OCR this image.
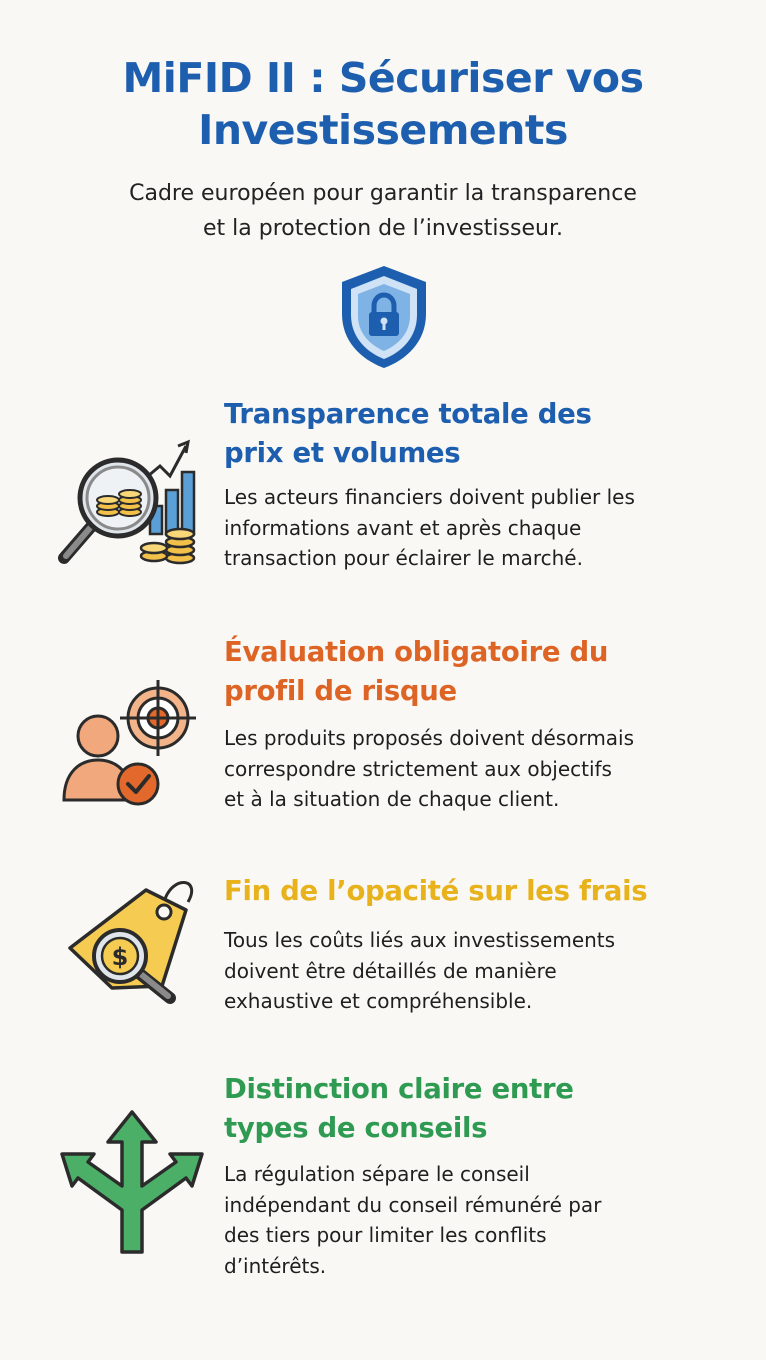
MiFID II : Sécuriser vos
Investissements
Cadre européen pour garantir la transparence
et la protection de l’investisseur.
Transparence totale des
prix et volumes
Les acteurs financiers doivent publier les
informations avant et après chaque
transaction pour éclairer le marché.
Évaluation obligatoire du
profil de risque
Les produits proposés doivent désormais
correspondre strictement aux objectifs
et à la situation de chaque client.
$
Fin de l’opacité sur les frais
Tous les coûts liés aux investissements
doivent être détaillés de manière
exhaustive et compréhensible.
Distinction claire entre
types de conseils
La régulation sépare le conseil
indépendant du conseil rémunéré par
des tiers pour limiter les conflits
d’intérêts.
